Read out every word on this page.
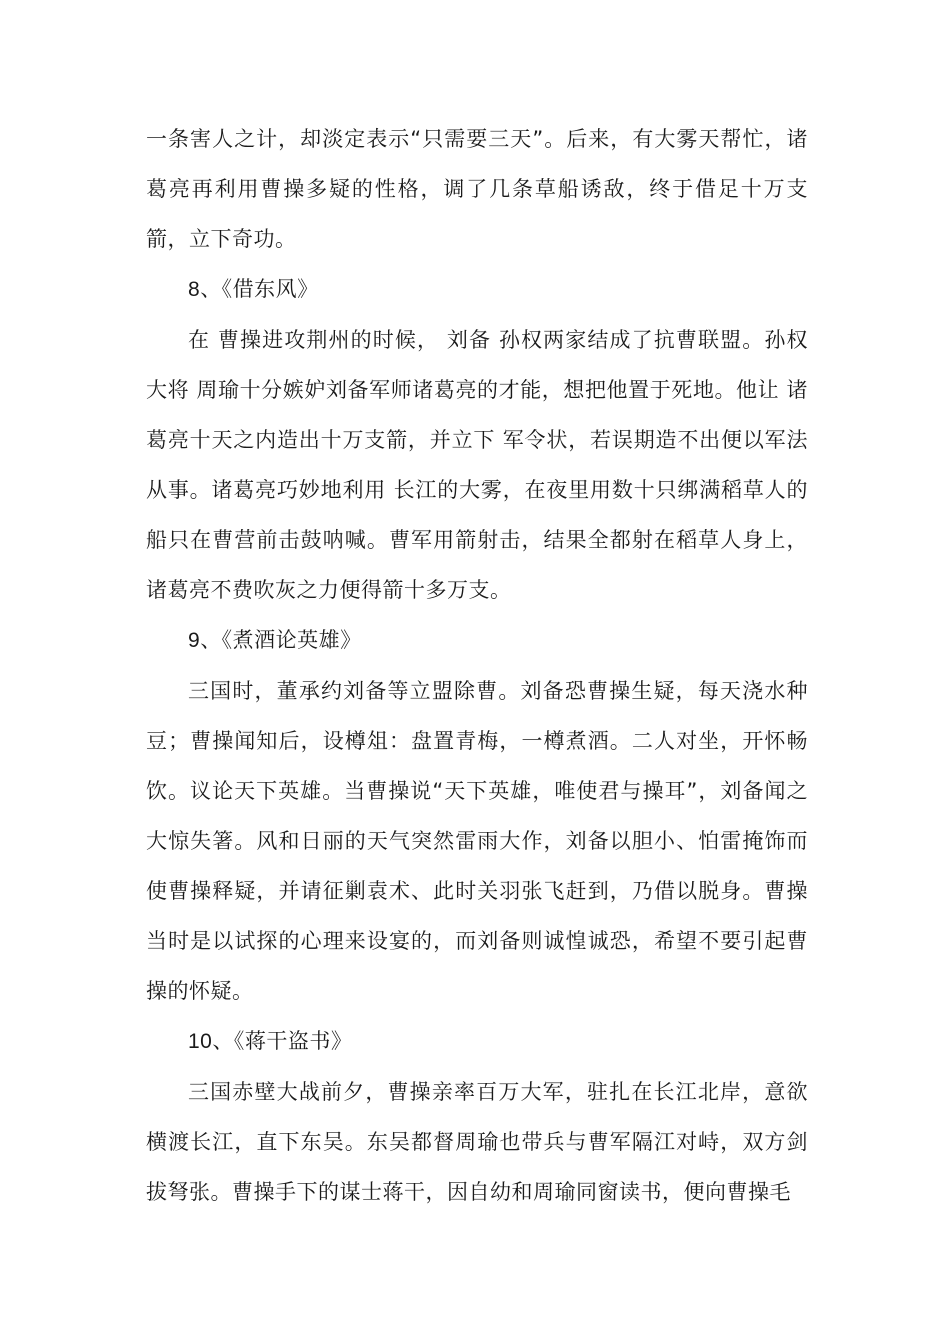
一条害人之计，却淡定表示“只需要三天”。后来，有大雾天帮忙，诸葛亮再利用曹操多疑的性格，调了几条草船诱敌，终于借足十万支箭，立下奇功。

8、《借东风》

在 曹操进攻荆州的时候， 刘备 孙权两家结成了抗曹联盟。孙权大将 周瑜十分嫉妒刘备军师诸葛亮的才能，想把他置于死地。他让 诸葛亮十天之内造出十万支箭，并立下 军令状，若误期造不出便以军法从事。诸葛亮巧妙地利用 长江的大雾，在夜里用数十只绑满稻草人的船只在曹营前击鼓呐喊。曹军用箭射击，结果全都射在稻草人身上，诸葛亮不费吹灰之力便得箭十多万支。

9、《煮酒论英雄》

三国时，董承约刘备等立盟除曹。刘备恐曹操生疑，每天浇水种豆；曹操闻知后，设樽俎：盘置青梅，一樽煮酒。二人对坐，开怀畅饮。议论天下英雄。当曹操说“天下英雄，唯使君与操耳”，刘备闻之大惊失箸。风和日丽的天气突然雷雨大作，刘备以胆小、怕雷掩饰而使曹操释疑，并请征剿袁术、此时关羽张飞赶到，乃借以脱身。曹操当时是以试探的心理来设宴的，而刘备则诚惶诚恐，希望不要引起曹操的怀疑。

10、《蒋干盗书》

三国赤壁大战前夕，曹操亲率百万大军，驻扎在长江北岸，意欲横渡长江，直下东吴。东吴都督周瑜也带兵与曹军隔江对峙，双方剑拔弩张。曹操手下的谋士蒋干，因自幼和周瑜同窗读书，便向曹操毛
